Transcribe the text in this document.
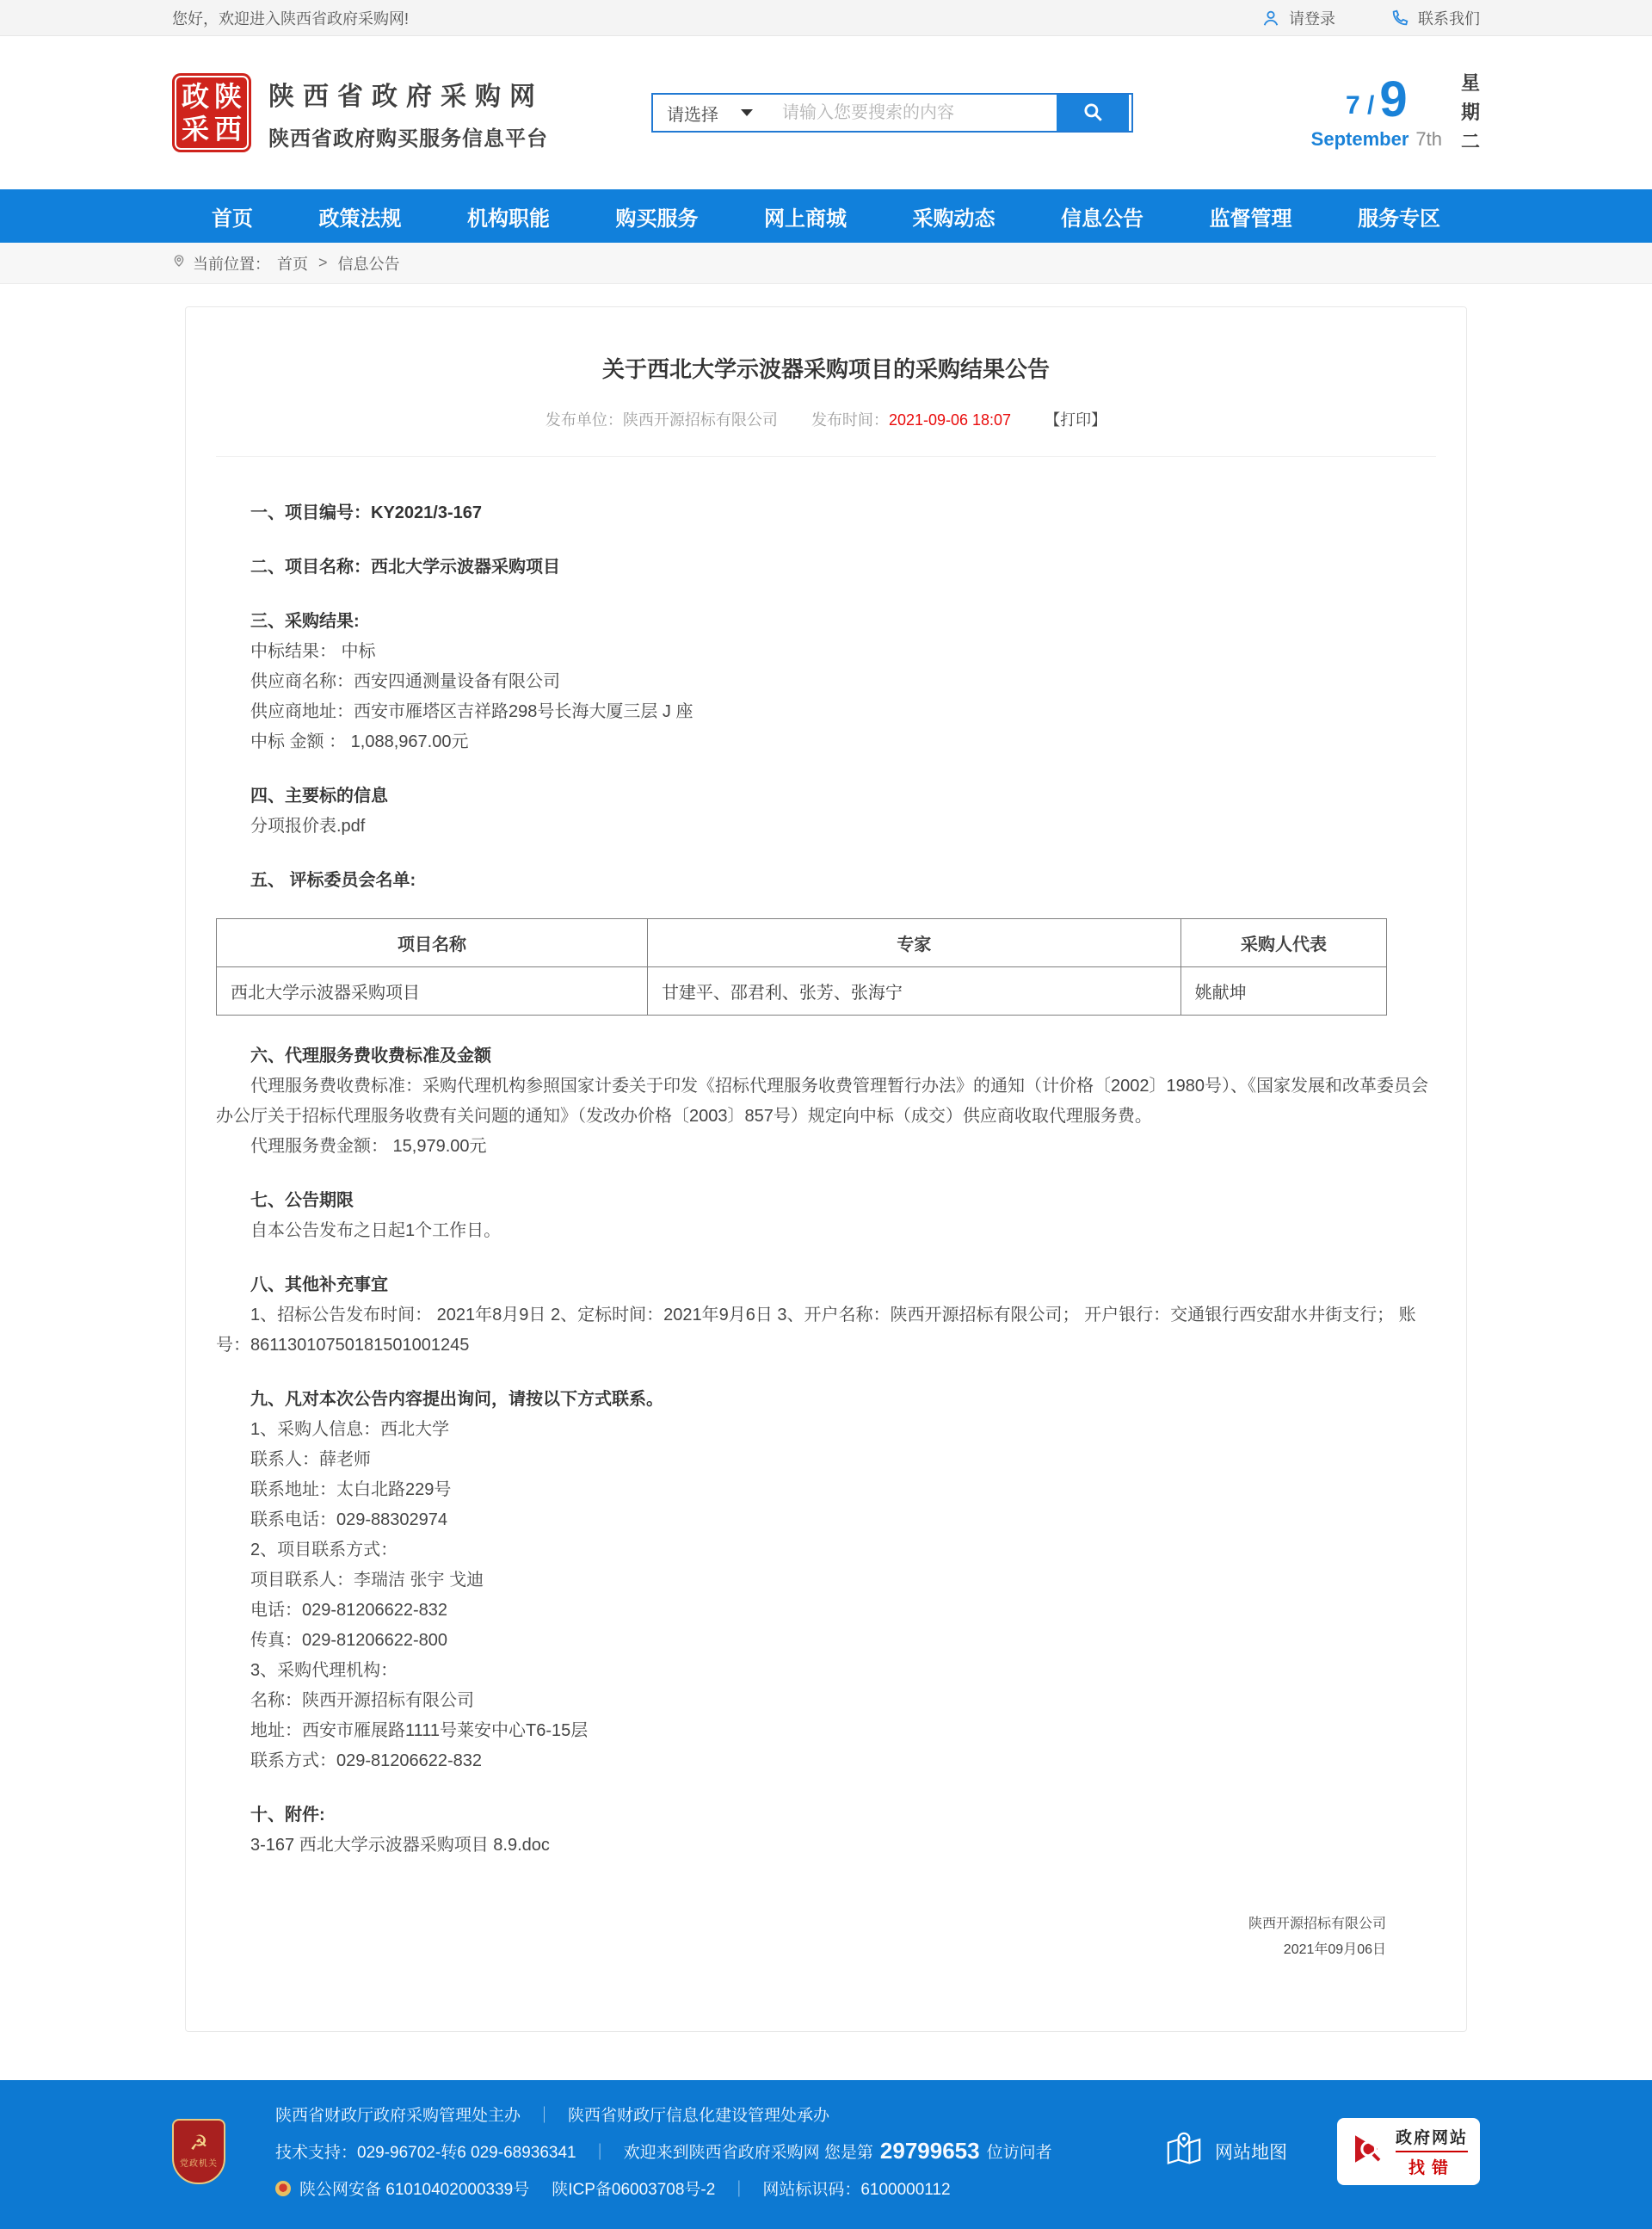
您好，欢迎进入陕西省政府采购网!	请登录	联系我们
政 陕
采 西
陕西省政府采购网
陕西省政府购买服务信息平台
请选择
请输入您要搜索的内容	7 / 9
September 7th
星
期
二
首页	政策法规	机构职能	购买服务	网上商城	采购动态	信息公告	监督管理	服务专区
当前位置： 首页 > 信息公告
关于西北大学示波器采购项目的采购结果公告
发布单位：陕西开源招标有限公司 发布时间：2021-09-06 18:07 【打印】
一、项目编号：KY2021/3-167
二、项目名称：西北大学示波器采购项目
三、采购结果:
中标结果： 中标
供应商名称：西安四通测量设备有限公司
供应商地址：西安市雁塔区吉祥路298号长海大厦三层 J 座
中标 金额 ： 1,088,967.00元
四、主要标的信息
分项报价表.pdf
五、 评标委员会名单:
项目名称	专家	采购人代表
西北大学示波器采购项目	甘建平、邵君利、张芳、张海宁	姚献坤
六、代理服务费收费标准及金额
代理服务费收费标准：采购代理机构参照国家计委关于印发《招标代理服务收费管理暂行办法》的通知（计价格〔2002〕1980号）、《国家发展和改革委员会办公厅关于招标代理服务收费有关问题的通知》（发改办价格〔2003〕857号）规定向中标（成交）供应商收取代理服务费。
代理服务费金额： 15,979.00元
七、公告期限
自本公告发布之日起1个工作日。
八、其他补充事宜
1、招标公告发布时间： 2021年8月9日 2、定标时间：2021年9月6日 3、开户名称：陕西开源招标有限公司； 开户银行：交通银行西安甜水井街支行； 账 号：86113010750181501001245
九、凡对本次公告内容提出询问，请按以下方式联系。
1、采购人信息：西北大学
联系人：薛老师
联系地址：太白北路229号
联系电话：029-88302974
2、项目联系方式：
项目联系人：李瑞洁 张宇 戈迪
电话：029-81206622-832
传真：029-81206622-800
3、采购代理机构：
名称：陕西开源招标有限公司
地址：西安市雁展路1111号莱安中心T6-15层
联系方式：029-81206622-832
十、附件:
3-167 西北大学示波器采购项目 8.9.doc
陕西开源招标有限公司
2021年09月06日
☭
党政机关
陕西省财政厅政府采购管理处主办 ｜ 陕西省财政厅信息化建设管理处承办
技术支持：029-96702-转6 029-68936341 ｜ 欢迎来到陕西省政府采购网 您是第 29799653 位访问者
陕公网安备 61010402000339号 陕ICP备06003708号-2 ｜ 网站标识码：6100000112
网站地图
政府网站
找错
